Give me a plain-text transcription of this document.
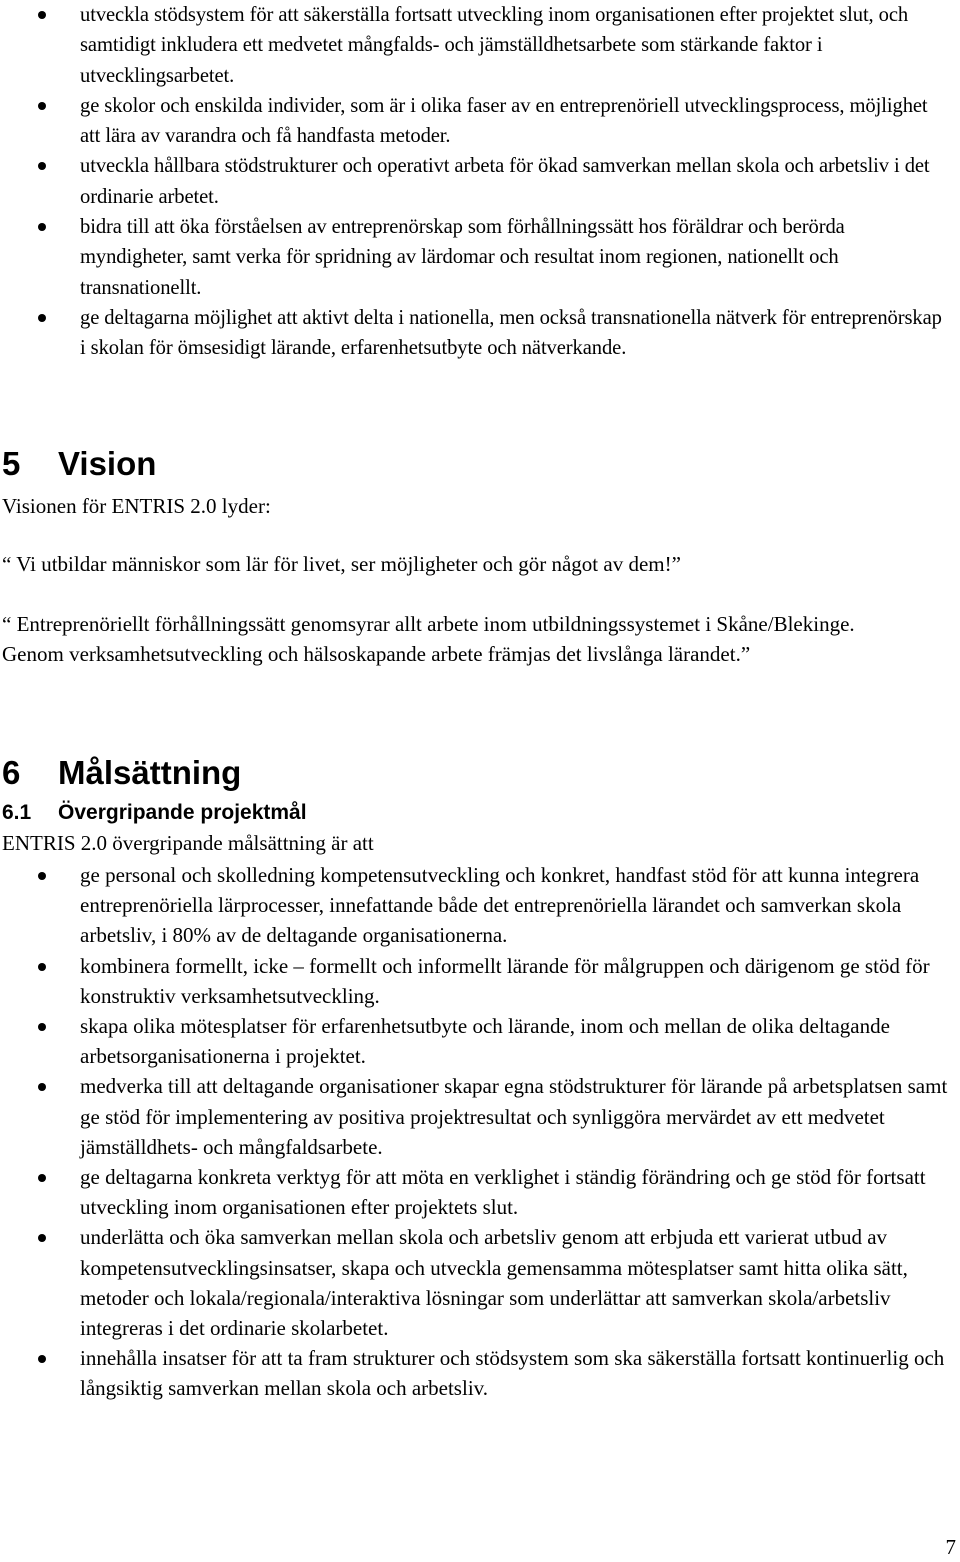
utveckla stödsystem för att säkerställa fortsatt utveckling inom organisationen efter projektet slut, och samtidigt inkludera ett medvetet mångfalds- och jämställdhetsarbete som stärkande faktor i utvecklingsarbetet.
ge skolor och enskilda individer, som är i olika faser av en entreprenöriell utvecklingsprocess, möjlighet att lära av varandra och få handfasta metoder.
utveckla hållbara stödstrukturer och operativt arbeta för ökad samverkan mellan skola och arbetsliv i det ordinarie arbetet.
bidra till att öka förståelsen av entreprenörskap som förhållningssätt hos föräldrar och berörda myndigheter, samt verka för spridning av lärdomar och resultat inom regionen, nationellt och transnationellt.
ge deltagarna möjlighet att aktivt delta i nationella, men också transnationella nätverk för entreprenörskap i skolan för ömsesidigt lärande, erfarenhetsutbyte och nätverkande.
5 Vision
Visionen för ENTRIS 2.0 lyder:
“ Vi utbildar människor som lär för livet, ser möjligheter och gör något av dem!”
“ Entreprenöriellt förhållningssätt genomsyrar allt arbete inom utbildningssystemet i Skåne/Blekinge. Genom verksamhetsutveckling och hälsoskapande arbete främjas det livslånga lärandet.”
6 Målsättning
6.1 Övergripande projektmål
ENTRIS 2.0 övergripande målsättning är att
ge personal och skolledning kompetensutveckling och konkret, handfast stöd för att kunna integrera entreprenöriella lärprocesser, innefattande både det entreprenöriella lärandet och samverkan skola arbetsliv, i 80% av de deltagande organisationerna.
kombinera formellt, icke – formellt och informellt lärande för målgruppen och därigenom ge stöd för konstruktiv verksamhetsutveckling.
skapa olika mötesplatser för erfarenhetsutbyte och lärande, inom och mellan de olika deltagande arbetsorganisationerna i projektet.
medverka till att deltagande organisationer skapar egna stödstrukturer för lärande på arbetsplatsen samt ge stöd för implementering av positiva projektresultat och synliggöra mervärdet av ett medvetet jämställdhets- och mångfaldsarbete.
ge deltagarna konkreta verktyg för att möta en verklighet i ständig förändring och ge stöd för fortsatt utveckling inom organisationen efter projektets slut.
underlätta och öka samverkan mellan skola och arbetsliv genom att erbjuda ett varierat utbud av kompetensutvecklingsinsatser, skapa och utveckla gemensamma mötesplatser samt hitta olika sätt, metoder och lokala/regionala/interaktiva lösningar som underlättar att samverkan skola/arbetsliv integreras i det ordinarie skolarbetet.
innehålla insatser för att ta fram strukturer och stödsystem som ska säkerställa fortsatt kontinuerlig och långsiktig samverkan mellan skola och arbetsliv.
7
